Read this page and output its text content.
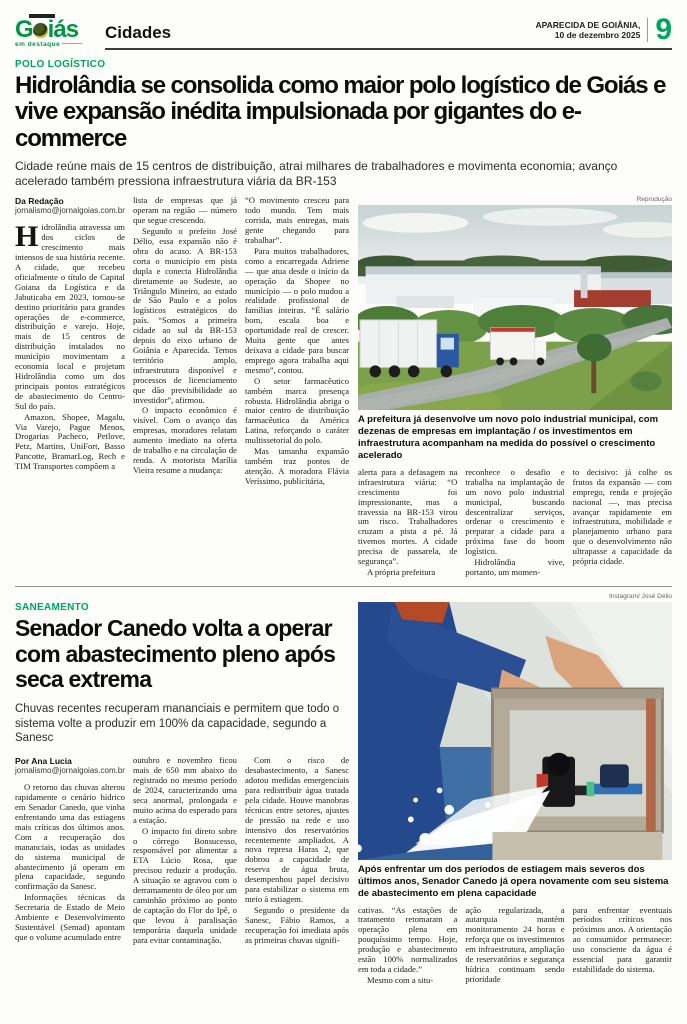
G iás
em destaque
Cidades	APARECIDA DE GOIÂNIA,
10 de dezembro 2025 9
POLO LOGÍSTICO
Hidrolândia se consolida como maior polo logístico de Goiás e vive expansão inédita impulsionada por gigantes do e-commerce

Cidade reúne mais de 15 centros de distribuição, atrai milhares de trabalhadores e movimenta economia; avanço acelerado também pressiona infraestrutura viária da BR-153

Da Redação
jornalismo@jornalgoias.com.br

Hidrolândia atravessa um dos ciclos de crescimento mais intensos de sua história recente. A cidade, que recebeu oficialmente o título de Capital Goiana da Logística e da Jabuticaba em 2023, tornou-se destino prioritário para grandes operações de e-commerce, distribuição e varejo. Hoje, mais de 15 centros de distribuição instalados no município movimentam a economia local e projetam Hidrolândia como um dos principais pontos estratégicos de abastecimento do Centro-Sul do país.

Amazon, Shopee, Magalu, Via Varejo, Pague Menos, Drogarias Pacheco, Petlove, Petz, Martins, UniFort, Basso Pancotte, BramarLog, Rech e TIM Transportes compõem a

lista de empresas que já operam na região — número que segue crescendo.

Segundo o prefeito José Délio, essa expansão não é obra do acaso. A BR-153 corta o município em pista dupla e conecta Hidrolândia diretamente ao Sudeste, ao Triângulo Mineiro, ao estado de São Paulo e a polos logísticos estratégicos do país. “Somos a primeira cidade ao sul da BR-153 depois do eixo urbano de Goiânia e Aparecida. Temos território amplo, infraestrutura disponível e processos de licenciamento que dão previsibilidade ao investidor”, afirmou.

O impacto econômico é visível. Com o avanço das empresas, moradores relatam aumento imediato na oferta de trabalho e na circulação de renda. A motorista Marília Vieira resume a mudança:

“O movimento cresceu para todo mundo. Tem mais corrida, mais entregas, mais gente chegando para trabalhar”.

Para muitos trabalhadores, como a encarregada Adriene — que atua desde o início da operação da Shopee no município — o polo mudou a realidade profissional de famílias inteiras. “É salário bom, escala boa e oportunidade real de crescer. Muita gente que antes deixava a cidade para buscar emprego agora trabalha aqui mesmo”, contou.

O setor farmacêutico também marca presença robusta. Hidrolândia abriga o maior centro de distribuição farmacêutica da América Latina, reforçando o caráter multissetorial do polo.

Mas tamanha expansão também traz pontos de atenção. A moradora Flávia Veríssimo, publicitária,

Reprodução
A prefeitura já desenvolve um novo polo industrial municipal, com dezenas de empresas em implantação / os investimentos em infraestrutura acompanham na medida do possível o crescimento acelerado

alerta para a defasagem na infraestrutura viária: “O crescimento foi impressionante, mas a travessia na BR-153 virou um risco. Trabalhadores cruzam a pista a pé. Já tivemos mortes. A cidade precisa de passarela, de segurança”.

A própria prefeitura

reconhece o desafio e trabalha na implantação de um novo polo industrial municipal, buscando descentralizar serviços, ordenar o crescimento e preparar a cidade para a próxima fase do boom logístico.

Hidrolândia vive, portanto, um momen-

to decisivo: já colhe os frutos da expansão — com emprego, renda e projeção nacional —, mas precisa avançar rapidamente em infraestrutura, mobilidade e planejamento urbano para que o desenvolvimento não ultrapasse a capacidade da própria cidade.

SANEAMENTO
Senador Canedo volta a operar com abastecimento pleno após seca extrema

Chuvas recentes recuperam mananciais e permitem que todo o sistema volte a produzir em 100% da capacidade, segundo a Sanesc

Por Ana Lucia
jornalismo@jornalgoias.com.br

O retorno das chuvas alterou rapidamente o cenário hídrico em Senador Canedo, que vinha enfrentando uma das estiagens mais críticas dos últimos anos. Com a recuperação dos mananciais, todas as unidades do sistema municipal de abastecimento já operam em plena capacidade, segundo confirmação da Sanesc.

Informações técnicas da Secretaria de Estado de Meio Ambiente e Desenvolvimento Sustentável (Semad) apontam que o volume acumulado entre

outubro e novembro ficou mais de 650 mm abaixo do registrado no mesmo período de 2024, caracterizando uma seca anormal, prolongada e muito acima do esperado para a estação.

O impacto foi direto sobre o córrego Bonsucesso, responsável por alimentar a ETA Lúcio Rosa, que precisou reduzir a produção. A situação se agravou com o derramamento de óleo por um caminhão próximo ao ponto de captação do Flor do Ipê, o que levou à paralisação temporária daquela unidade para evitar contaminação.

Com o risco de desabastecimento, a Sanesc adotou medidas emergenciais para redistribuir água tratada pela cidade. Houve manobras técnicas entre setores, ajustes de pressão na rede e uso intensivo dos reservatórios recentemente ampliados. A nova represa Haras 2, que dobrou a capacidade de reserva de água bruta, desempenhou papel decisivo para estabilizar o sistema em meio à estiagem.

Segundo o presidente da Sanesc, Fábio Ramos, a recuperação foi imediata após as primeiras chuvas signifi-

Instagram/ José Délio
Após enfrentar um dos períodos de estiagem mais severos dos últimos anos, Senador Canedo já opera novamente com seu sistema de abastecimento em plena capacidade

cativas. “As estações de tratamento retomaram a operação plena em pouquíssimo tempo. Hoje, produção e abastecimento estão 100% normalizados em toda a cidade.”

Mesmo com a situ-

ação regularizada, a autarquia mantém monitoramento 24 horas e reforça que os investimentos em infraestrutura, ampliação de reservatórios e segurança hídrica continuam sendo prioridade

para enfrentar eventuais períodos críticos nos próximos anos. A orientação ao consumidor permanece: uso consciente da água é essencial para garantir estabilidade do sistema.
